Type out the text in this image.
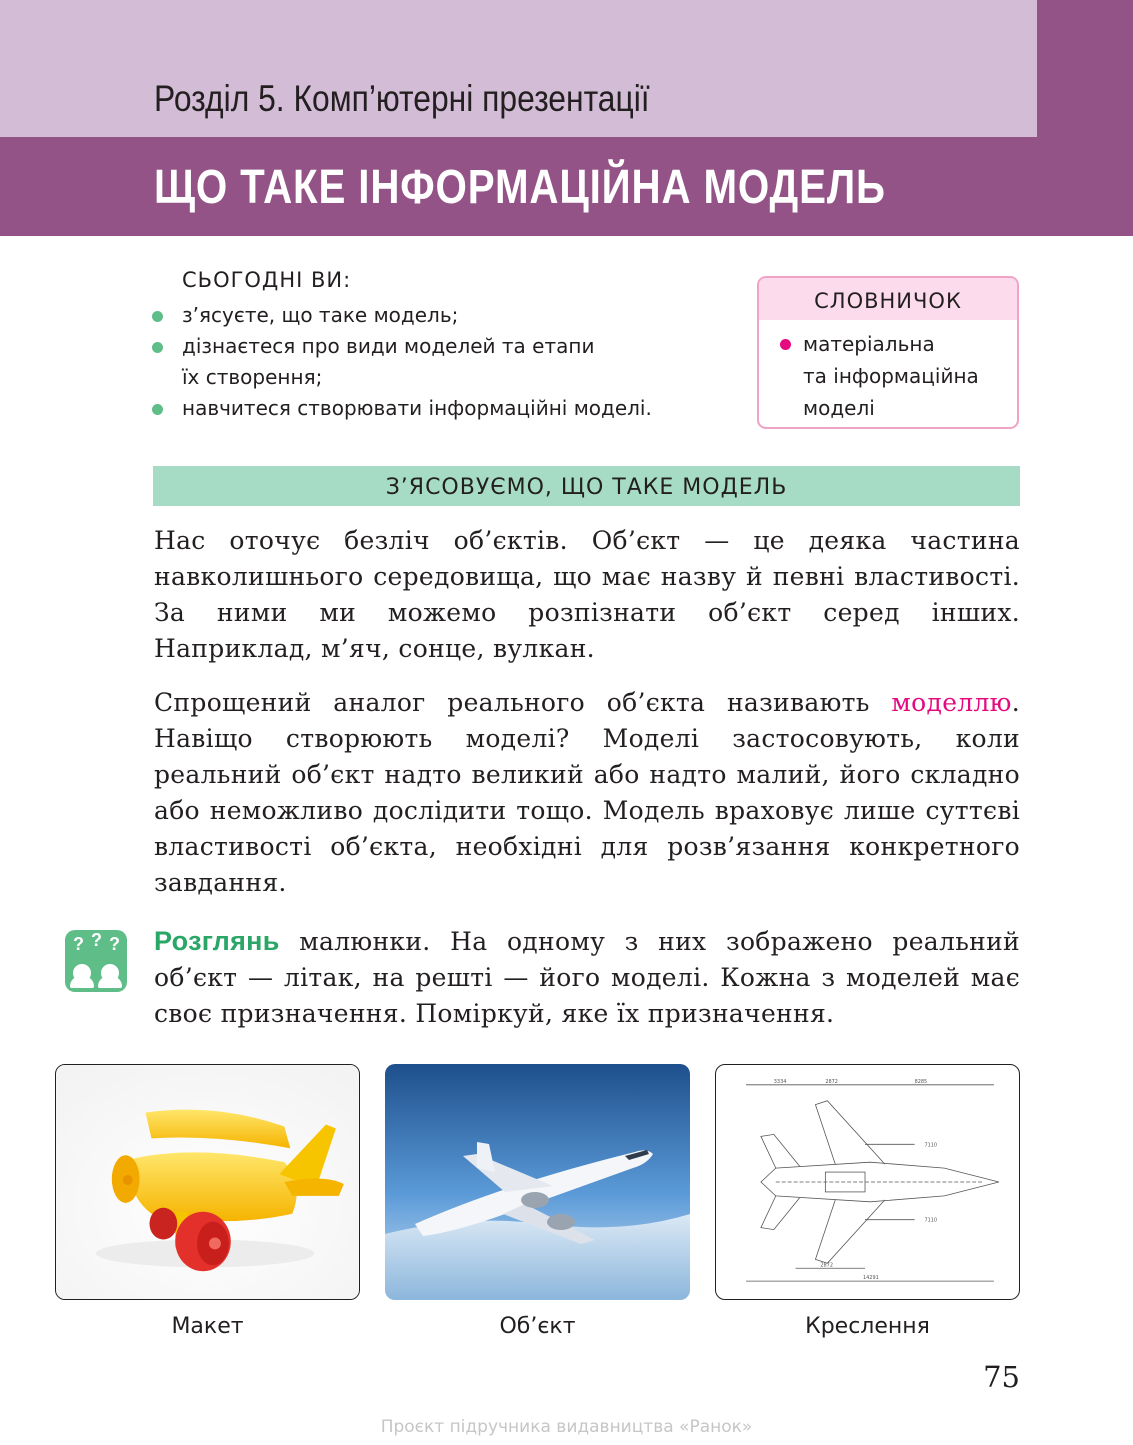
Розділ 5. Комп’ютерні презентації
ЩО ТАКЕ ІНФОРМАЦІЙНА МОДЕЛЬ

СЬОГОДНІ ВИ:

з’ясуєте, що таке модель;
дізнаєтеся про види моделей та етапи
їх створення;
навчитеся створювати інформаційні моделі.
СЛОВНИЧОК
матеріальна
та інформаційна
моделі
З’ЯСОВУЄМО, ЩО ТАКЕ МОДЕЛЬ

Нас оточує безліч об’єктів. Об’єкт — це деяка частина навколишнього середовища, що має назву й певні властивості. За ними ми можемо розпізнати об’єкт серед інших. Наприклад, м’яч, сонце, вулкан.

Спрощений аналог реального об’єкта називають моделлю. Навіщо створюють моделі? Моделі застосовують, коли реальний об’єкт надто великий або надто малий, його складно або неможливо дослідити тощо. Модель враховує лише суттєві властивості об’єкта, необхідні для розв’язання конкретного завдання.

? ? ? Розглянь малюнки. На одному з них зображено реальний об’єкт — літак, на решті — його моделі. Кожна з моделей має своє призначення. Поміркуй, яке їх призначення.

3334	2872	8285
7110
7110
2872
14291
Макет	Об’єкт	Креслення
75
Проєкт підручника видавництва «Ранок»
